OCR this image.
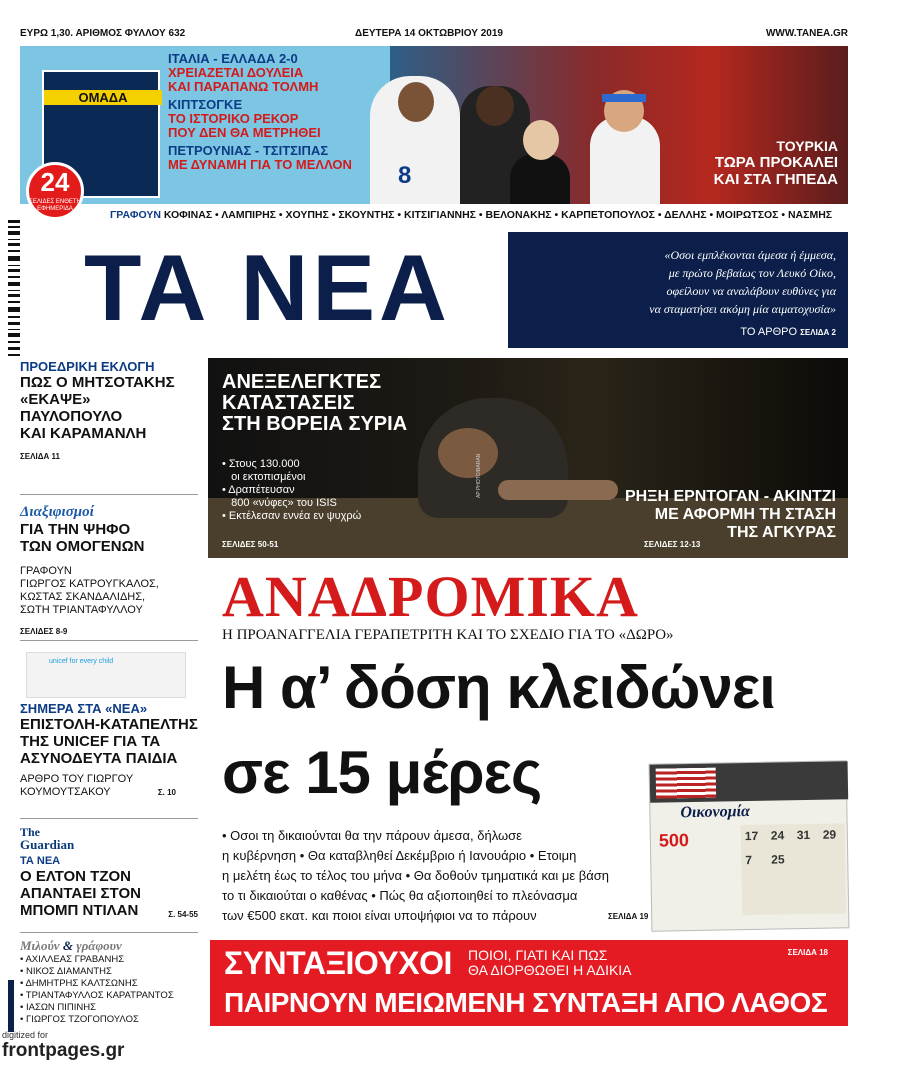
ΕΥΡΩ 1,30. ΑΡΙΘΜΟΣ ΦΥΛΛΟΥ 632	ΔΕΥΤΕΡΑ 14 ΟΚΤΩΒΡΙΟΥ 2019	WWW.TANEA.GR
ΟΜΑΔΑ
24
ΣΕΛΙΔΕΣ ΕΝΘΕΤΗ ΕΦΗΜΕΡΙΔΑ
ΙΤΑΛΙΑ - ΕΛΛΑΔΑ 2-0
ΧΡΕΙΑΖΕΤΑΙ ΔΟΥΛΕΙΑ
ΚΑΙ ΠΑΡΑΠΑΝΩ ΤΟΛΜΗ
ΚΙΠΤΣΟΓΚΕ
ΤΟ ΙΣΤΟΡΙΚΟ ΡΕΚΟΡ
ΠΟΥ ΔΕΝ ΘΑ ΜΕΤΡΗΘΕΙ
ΠΕΤΡΟΥΝΙΑΣ - ΤΣΙΤΣΙΠΑΣ
ΜΕ ΔΥΝΑΜΗ ΓΙΑ ΤΟ ΜΕΛΛΟΝ 8
ΤΟΥΡΚΙΑ
ΤΩΡΑ ΠΡΟΚΑΛΕΙ
ΚΑΙ ΣΤΑ ΓΗΠΕΔΑ
ΓΡΑΦΟΥΝ ΚΟΦΙΝΑΣ • ΛΑΜΠΙΡΗΣ • ΧΟΥΠΗΣ • ΣΚΟΥΝΤΗΣ • ΚΙΤΣΙΓΙΑΝΝΗΣ • ΒΕΛΟΝΑΚΗΣ • ΚΑΡΠΕΤΟΠΟΥΛΟΣ • ΔΕΛΛΗΣ • ΜΟΙΡΩΤΣΟΣ • ΝΑΣΜΗΣ
ΤΑ ΝΕΑ	«Οσοι εμπλέκονται άμεσα ή έμμεσα,
με πρώτο βεβαίως τον Λευκό Οίκο,
οφείλουν να αναλάβουν ευθύνες για
να σταματήσει ακόμη μία αιματοχυσία»
ΤΟ ΑΡΘΡΟ ΣΕΛΙΔΑ 2
ΠΡΟΕΔΡΙΚΗ ΕΚΛΟΓΗ
ΠΩΣ Ο ΜΗΤΣΟΤΑΚΗΣ
«ΕΚΑΨΕ»
ΠΑΥΛΟΠΟΥΛΟ
ΚΑΙ ΚΑΡΑΜΑΝΛΗ
ΣΕΛΙΔΑ 11
Διαξιφισμοί
ΓΙΑ ΤΗΝ ΨΗΦΟ
ΤΩΝ ΟΜΟΓΕΝΩΝ
ΓΡΑΦΟΥΝ
ΓΙΩΡΓΟΣ ΚΑΤΡΟΥΓΚΑΛΟΣ,
ΚΩΣΤΑΣ ΣΚΑΝΔΑΛΙΔΗΣ,
ΣΩΤΗ ΤΡΙΑΝΤΑΦΥΛΛΟΥ
ΣΕΛΙΔΕΣ 8-9
unicef for every child
ΣΗΜΕΡΑ ΣΤΑ «ΝΕΑ»
ΕΠΙΣΤΟΛΗ-ΚΑΤΑΠΕΛΤΗΣ
ΤΗΣ UNICEF ΓΙΑ ΤΑ
ΑΣΥΝΟΔΕΥΤΑ ΠΑΙΔΙΑ
ΑΡΘΡΟ ΤΟΥ ΓΙΩΡΓΟΥ
ΚΟΥΜΟΥΤΣΑΚΟΥ	Σ. 10
The
Guardian
ΤΑ ΝΕΑ
Ο ΕΛΤΟΝ ΤΖΟΝ
ΑΠΑΝΤΑΕΙ ΣΤΟΝ
ΜΠΟΜΠ ΝΤΙΛΑΝ	Σ. 54-55
Μιλούν & γράφουν
• ΑΧΙΛΛΕΑΣ ΓΡΑΒΑΝΗΣ
• ΝΙΚΟΣ ΔΙΑΜΑΝΤΗΣ
• ΔΗΜΗΤΡΗΣ ΚΑΛΤΣΩΝΗΣ
• ΤΡΙΑΝΤΑΦΥΛΛΟΣ ΚΑΡΑΤΡΑΝΤΟΣ
• ΙΑΣΩΝ ΠΙΠΙΝΗΣ
• ΓΙΩΡΓΟΣ ΤΖΟΓΟΠΟΥΛΟΣ
ΑΝΕΞΕΛΕΓΚΤΕΣ
ΚΑΤΑΣΤΑΣΕΙΣ
ΣΤΗ ΒΟΡΕΙΑ ΣΥΡΙΑ
• Στους 130.000
οι εκτοπισμένοι
• Δραπέτευσαν
800 «νύφες» του ISIS
• Εκτέλεσαν εννέα εν ψυχρώ
ΣΕΛΙΔΕΣ 50-51
AP PHOTO/BARAN	ΡΗΞΗ ΕΡΝΤΟΓΑΝ - ΑΚΙΝΤΖΙ
ΜΕ ΑΦΟΡΜΗ ΤΗ ΣΤΑΣΗ
ΤΗΣ ΑΓΚΥΡΑΣ
ΣΕΛΙΔΕΣ 12-13
ΑΝΑΔΡΟΜΙΚΑ
Η ΠΡΟΑΝΑΓΓΕΛΙΑ ΓΕΡΑΠΕΤΡΙΤΗ ΚΑΙ ΤΟ ΣΧΕΔΙΟ ΓΙΑ ΤΟ «ΔΩΡΟ»
Η α’ δόση κλειδώνει
σε 15 μέρες
• Οσοι τη δικαιούνται θα την πάρουν άμεσα, δήλωσε
η κυβέρνηση • Θα καταβληθεί Δεκέμβριο ή Ιανουάριο • Ετοιμη
η μελέτη έως το τέλος του μήνα • Θα δοθούν τμηματικά και με βάση
το τι δικαιούται ο καθένας • Πώς θα αξιοποιηθεί το πλεόνασμα
των €500 εκατ. και ποιοι είναι υποψήφιοι να το πάρουν	ΣΕΛΙΔΑ 19
Οικονομία
500	17 24 31 29
7 25
ΣΥΝΤΑΞΙΟΥΧΟΙ ΠΟΙΟΙ, ΓΙΑΤΙ ΚΑΙ ΠΩΣ
ΘΑ ΔΙΟΡΘΩΘΕΙ Η ΑΔΙΚΙΑ
ΣΕΛΙΔΑ 18
ΠΑΙΡΝΟΥΝ ΜΕΙΩΜΕΝΗ ΣΥΝΤΑΞΗ ΑΠΟ ΛΑΘΟΣ
digitized for
frontpages.gr
